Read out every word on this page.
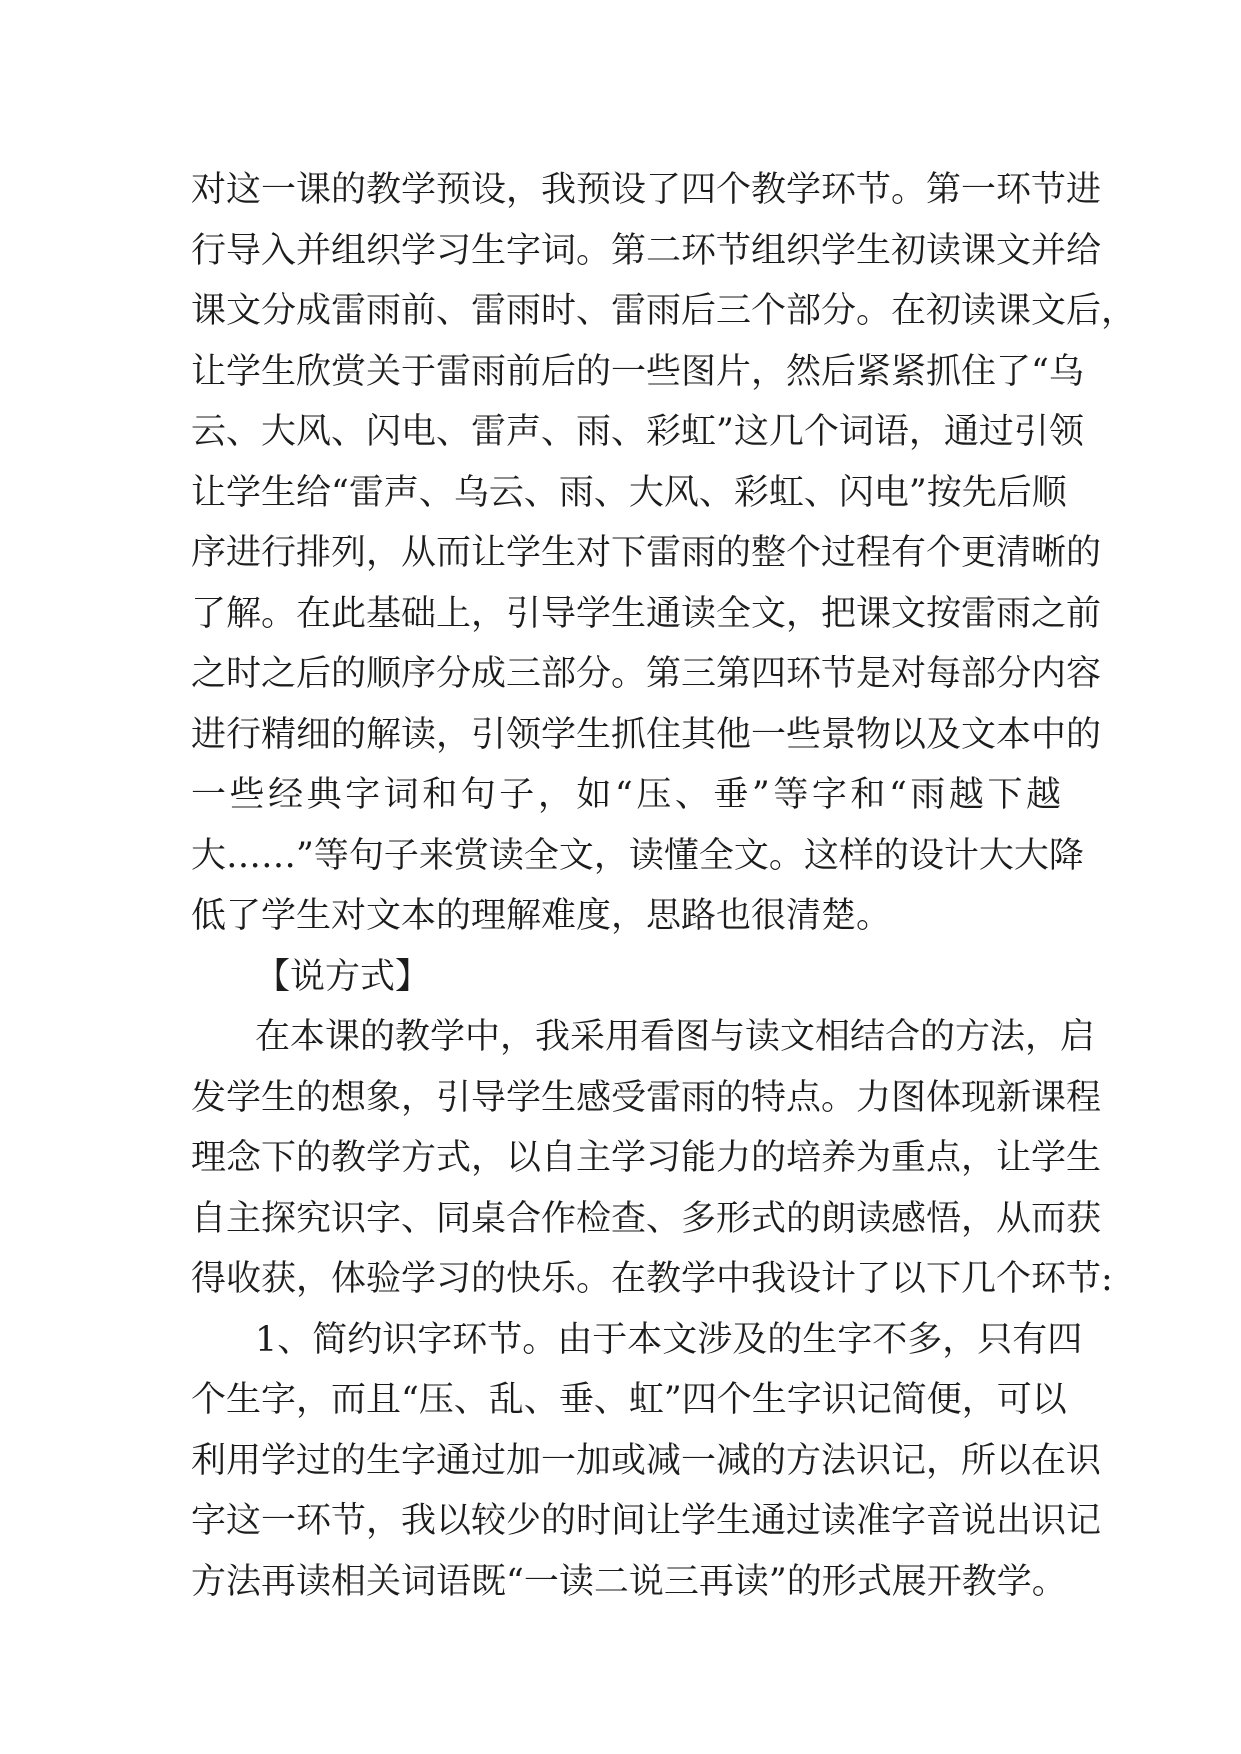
对这一课的教学预设，我预设了四个教学环节。第一环节进
行导入并组织学习生字词。第二环节组织学生初读课文并给
课文分成雷雨前、雷雨时、雷雨后三个部分。在初读课文后，
让学生欣赏关于雷雨前后的一些图片，然后紧紧抓住了“乌
云、大风、闪电、雷声、雨、彩虹”这几个词语，通过引领
让学生给“雷声、乌云、雨、大风、彩虹、闪电”按先后顺
序进行排列，从而让学生对下雷雨的整个过程有个更清晰的
了解。在此基础上，引导学生通读全文，把课文按雷雨之前
之时之后的顺序分成三部分。第三第四环节是对每部分内容
进行精细的解读，引领学生抓住其他一些景物以及文本中的
一些经典字词和句子，如“压、垂”等字和“雨越下越
大……”等句子来赏读全文，读懂全文。这样的设计大大降
低了学生对文本的理解难度，思路也很清楚。
【说方式】
在本课的教学中，我采用看图与读文相结合的方法，启
发学生的想象，引导学生感受雷雨的特点。力图体现新课程
理念下的教学方式，以自主学习能力的培养为重点，让学生
自主探究识字、同桌合作检查、多形式的朗读感悟，从而获
得收获，体验学习的快乐。在教学中我设计了以下几个环节:
1、简约识字环节。由于本文涉及的生字不多，只有四
个生字，而且“压、乱、垂、虹”四个生字识记简便，可以
利用学过的生字通过加一加或减一减的方法识记，所以在识
字这一环节，我以较少的时间让学生通过读准字音说出识记
方法再读相关词语既“一读二说三再读”的形式展开教学。
